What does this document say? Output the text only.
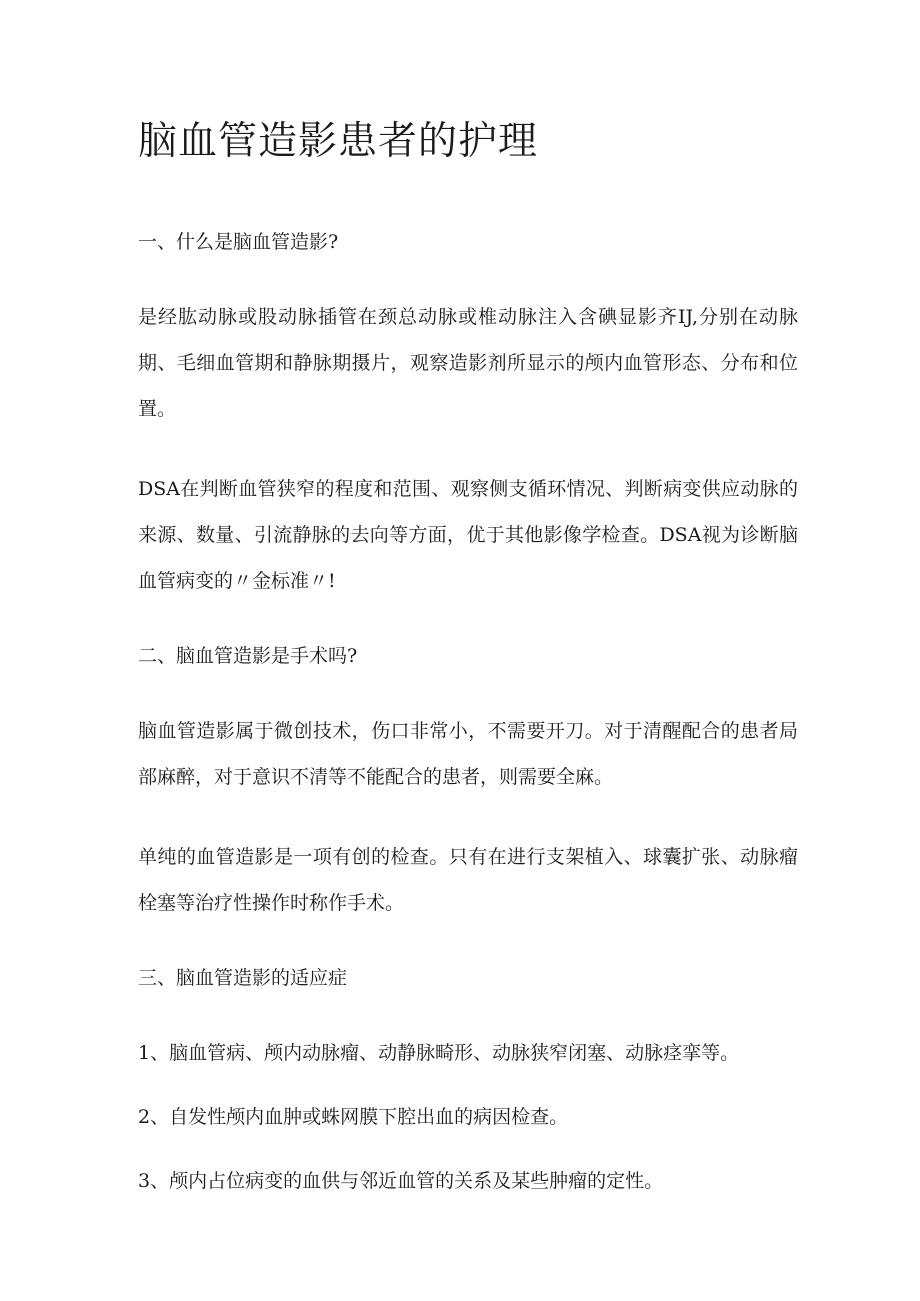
脑血管造影患者的护理

一、什么是脑血管造影?

是经肱动脉或股动脉插管在颈总动脉或椎动脉注入含碘显影齐IJ,分别在动脉期、毛细血管期和静脉期摄片，观察造影剂所显示的颅内血管形态、分布和位置。

DSA在判断血管狭窄的程度和范围、观察侧支循环情况、判断病变供应动脉的来源、数量、引流静脉的去向等方面，优于其他影像学检查。DSA视为诊断脑血管病变的〃金标准〃!

二、脑血管造影是手术吗?

脑血管造影属于微创技术，伤口非常小，不需要开刀。对于清醒配合的患者局部麻醉，对于意识不清等不能配合的患者，则需要全麻。

单纯的血管造影是一项有创的检查。只有在进行支架植入、球囊扩张、动脉瘤栓塞等治疗性操作时称作手术。

三、脑血管造影的适应症

1、脑血管病、颅内动脉瘤、动静脉畸形、动脉狭窄闭塞、动脉痉挛等。

2、自发性颅内血肿或蛛网膜下腔出血的病因检查。

3、颅内占位病变的血供与邻近血管的关系及某些肿瘤的定性。
